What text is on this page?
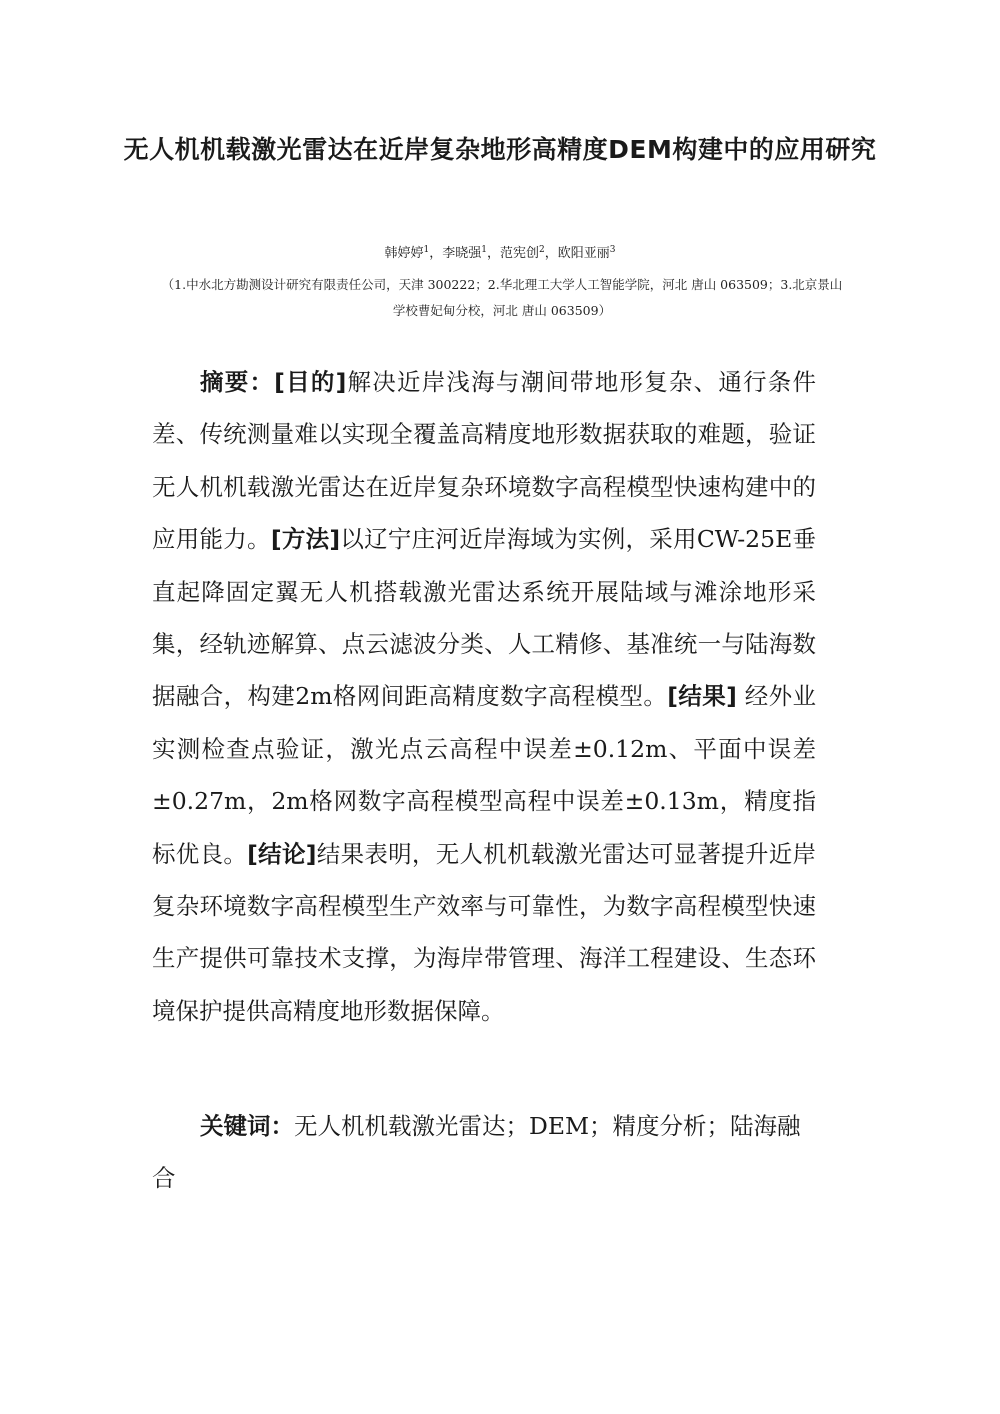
无人机机载激光雷达在近岸复杂地形高精度DEM构建中的应用研究
韩婷婷$^1$，李晓强$^1$，范宪创$^2$，欧阳亚丽$^3$
（1.中水北方勘测设计研究有限责任公司，天津 300222；2.华北理工大学人工智能学院，河北 唐山 063509；3.北京景山学校曹妃甸分校，河北 唐山 063509）

摘要：[目的]解决近岸浅海与潮间带地形复杂、通行条件差、传统测量难以实现全覆盖高精度地形数据获取的难题，验证无人机机载激光雷达在近岸复杂环境数字高程模型快速构建中的应用能力。[方法]以辽宁庄河近岸海域为实例，采用CW-25E垂直起降固定翼无人机搭载激光雷达系统开展陆域与滩涂地形采集，经轨迹解算、点云滤波分类、人工精修、基准统一与陆海数据融合，构建2m格网间距高精度数字高程模型。[结果] 经外业实测检查点验证，激光点云高程中误差±0.12m、平面中误差±0.27m，2m格网数字高程模型高程中误差±0.13m，精度指标优良。[结论]结果表明，无人机机载激光雷达可显著提升近岸复杂环境数字高程模型生产效率与可靠性，为数字高程模型快速生产提供可靠技术支撑，为海岸带管理、海洋工程建设、生态环境保护提供高精度地形数据保障。

关键词：无人机机载激光雷达；DEM；精度分析；陆海融合
